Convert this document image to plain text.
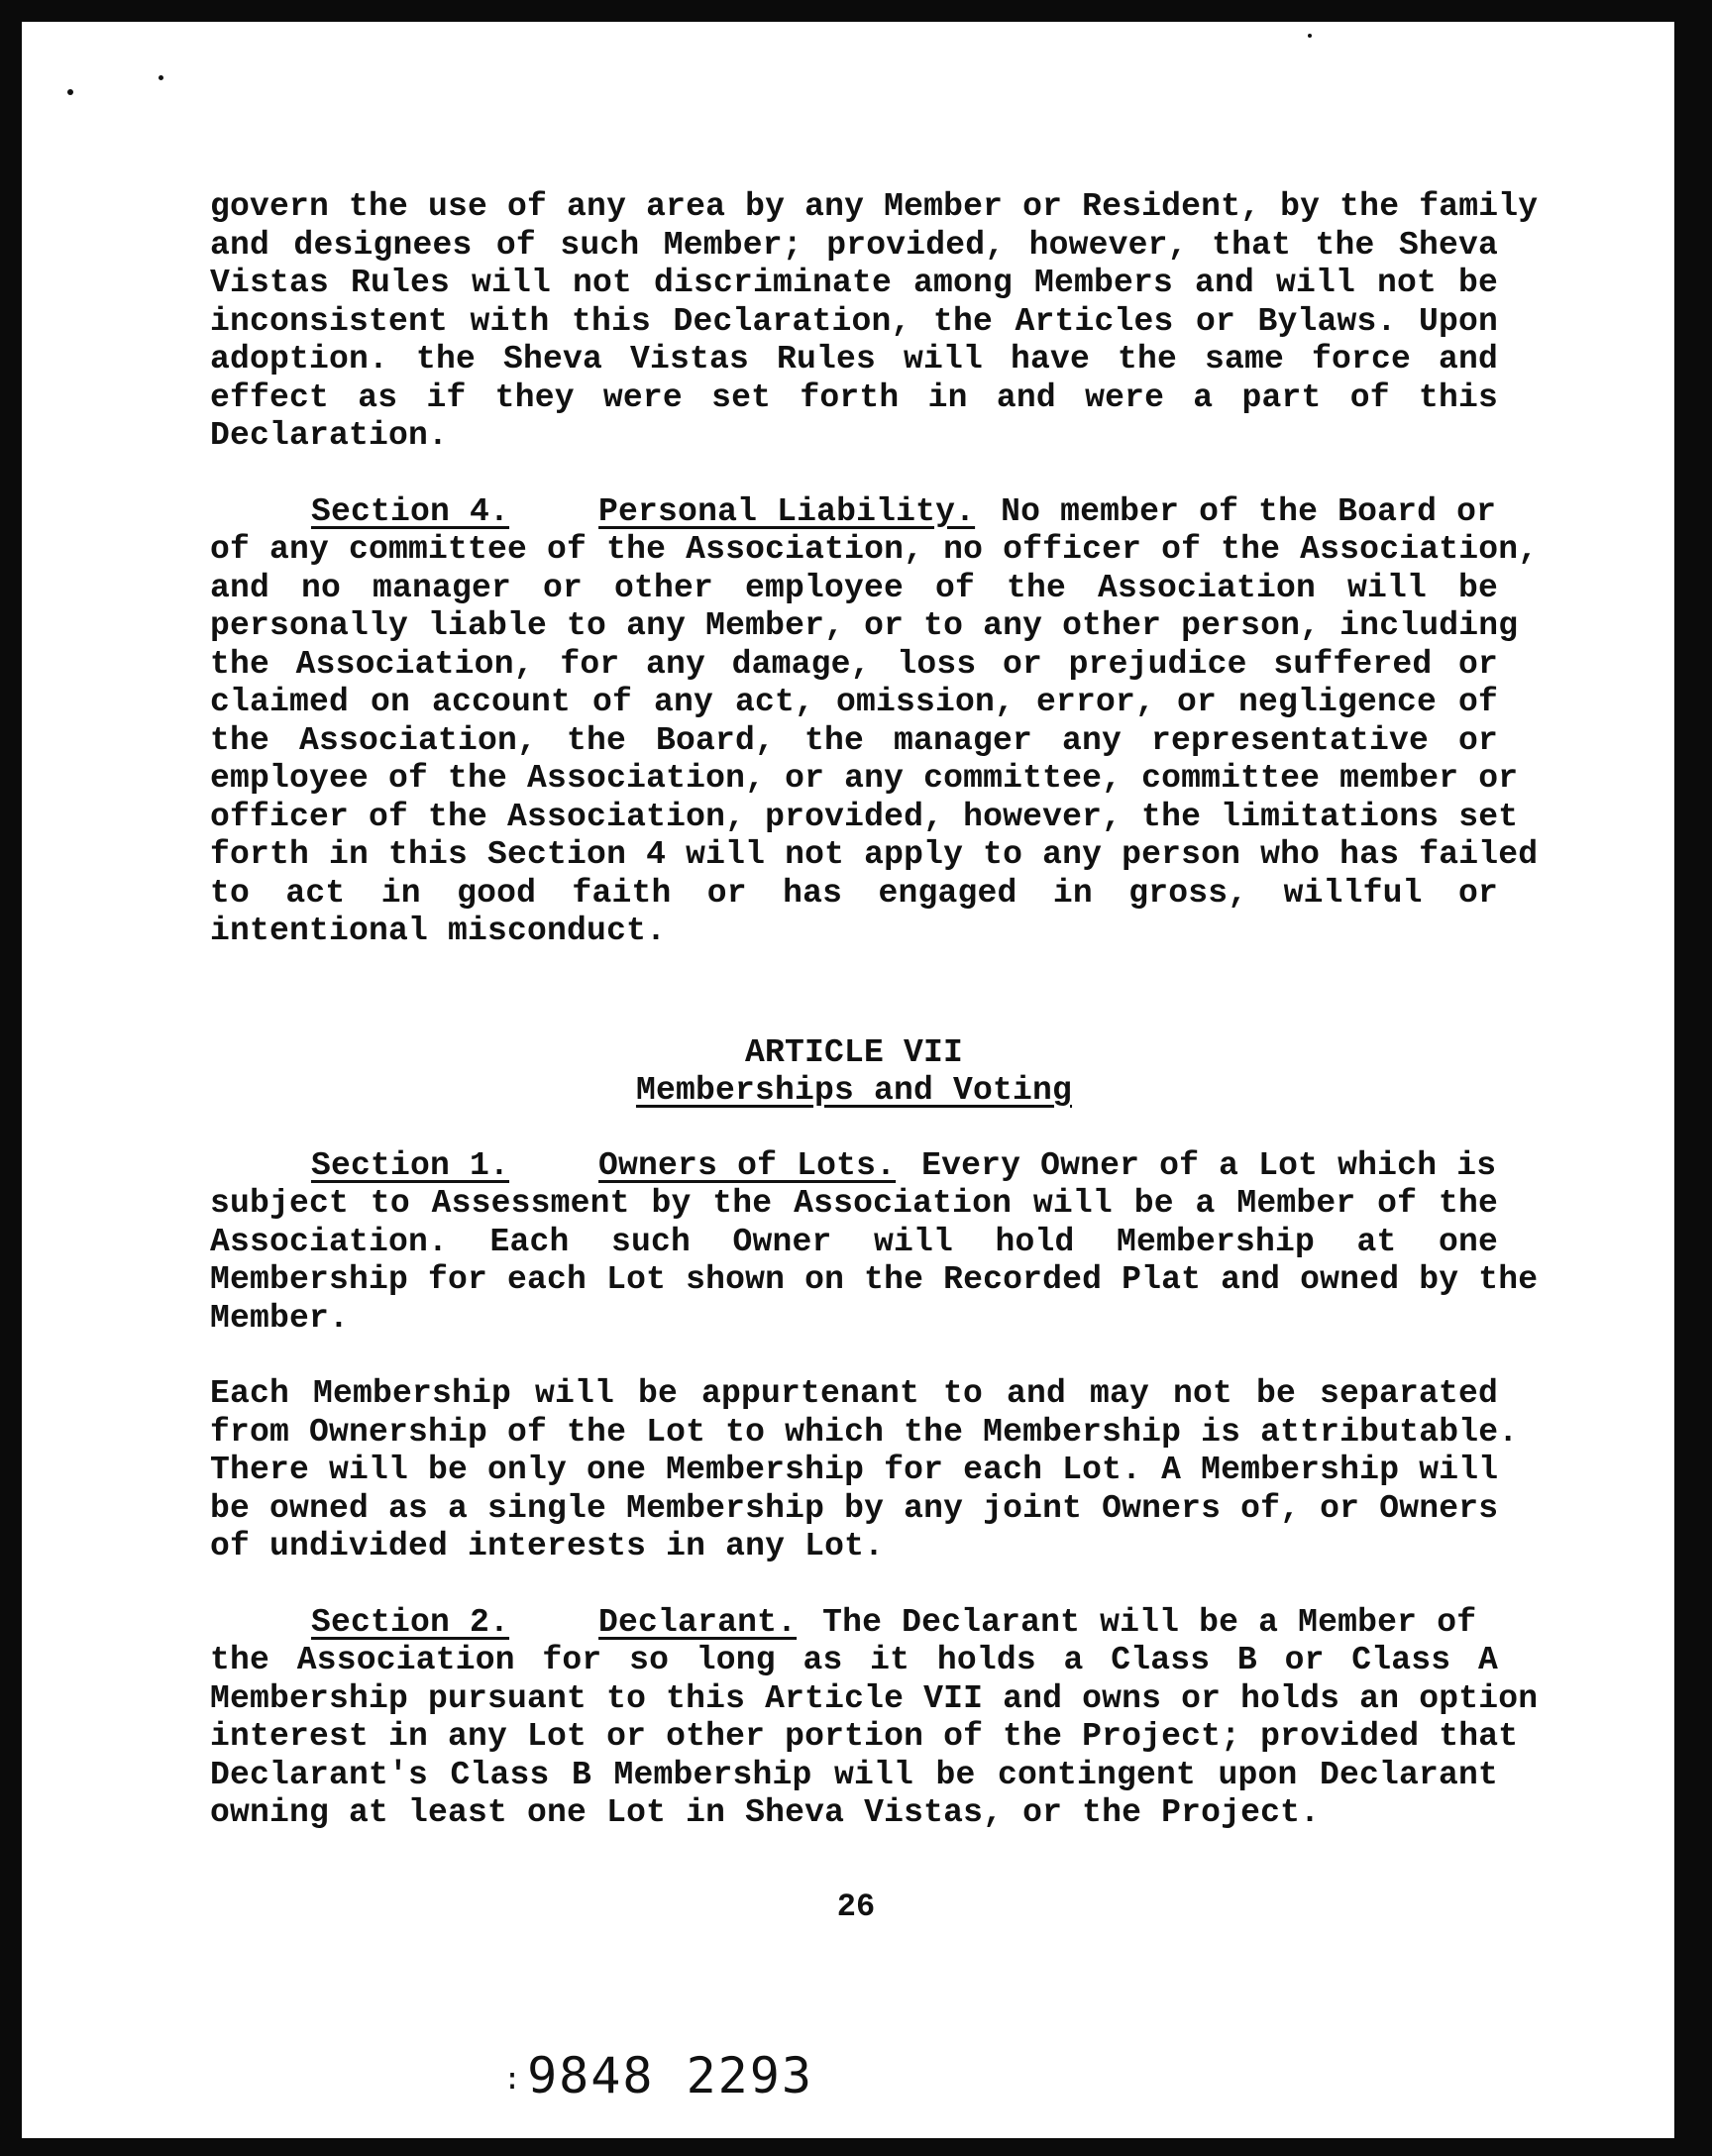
govern the use of any area by any Member or Resident, by the family
and designees of such Member; provided, however, that the Sheva
Vistas Rules will not discriminate among Members and will not be
inconsistent with this Declaration, the Articles or Bylaws. Upon
adoption. the Sheva Vistas Rules will have the same force and
effect as if they were set forth in and were a part of this
Declaration.
Section 4.	Personal Liability. No member of the Board or
of any committee of the Association, no officer of the Association,
and no manager or other employee of the Association will be
personally liable to any Member, or to any other person, including
the Association, for any damage, loss or prejudice suffered or
claimed on account of any act, omission, error, or negligence of
the Association, the Board, the manager any representative or
employee of the Association, or any committee, committee member or
officer of the Association, provided, however, the limitations set
forth in this Section 4 will not apply to any person who has failed
to act in good faith or has engaged in gross, willful or
intentional misconduct.

ARTICLE VII

Memberships and Voting

Section 1.	Owners of Lots. Every Owner of a Lot which is
subject to Assessment by the Association will be a Member of the
Association. Each such Owner will hold Membership at one
Membership for each Lot shown on the Recorded Plat and owned by the
Member.
Each Membership will be appurtenant to and may not be separated
from Ownership of the Lot to which the Membership is attributable.
There will be only one Membership for each Lot. A Membership will
be owned as a single Membership by any joint Owners of, or Owners
of undivided interests in any Lot.
Section 2.	Declarant. The Declarant will be a Member of
the Association for so long as it holds a Class B or Class A
Membership pursuant to this Article VII and owns or holds an option
interest in any Lot or other portion of the Project; provided that
Declarant's Class B Membership will be contingent upon Declarant
owning at least one Lot in Sheva Vistas, or the Project.
26
:9848 2293
